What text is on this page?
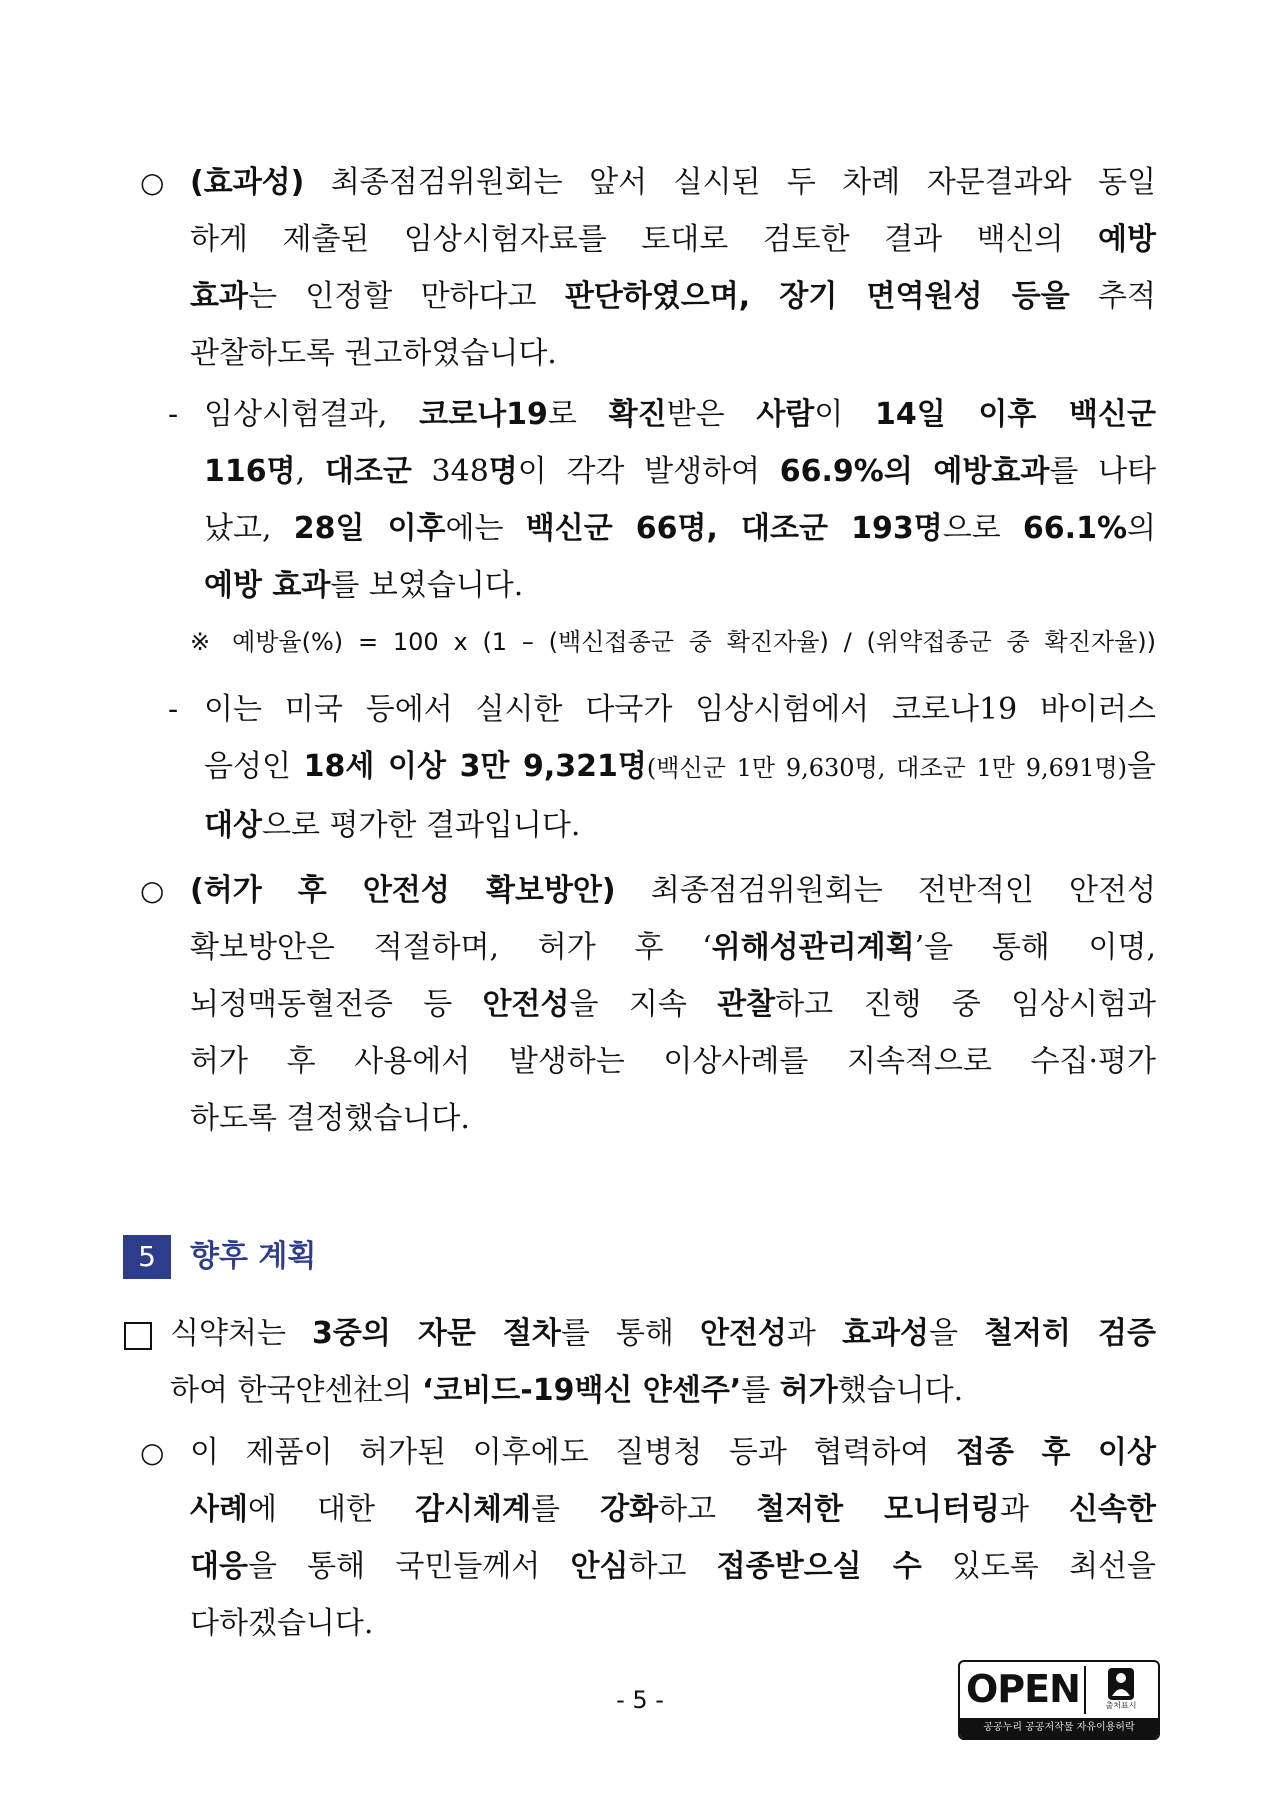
○ (효과성) 최종점검위원회는 앞서 실시된 두 차례 자문결과와 동일
하게 제출된 임상시험자료를 토대로 검토한 결과 백신의 예방
효과는 인정할 만하다고 판단하였으며, 장기 면역원성 등을 추적
관찰하도록 권고하였습니다.
- 임상시험결과, 코로나19로 확진받은 사람이 14일 이후 백신군
116명, 대조군 348명이 각각 발생하여 66.9%의 예방효과를 나타
났고, 28일 이후에는 백신군 66명, 대조군 193명으로 66.1%의
예방 효과를 보였습니다.
※ 예방율(%) = 100 x (1 – (백신접종군 중 확진자율) / (위약접종군 중 확진자율))
- 이는 미국 등에서 실시한 다국가 임상시험에서 코로나19 바이러스
음성인 18세 이상 3만 9,321명(백신군 1만 9,630명, 대조군 1만 9,691명)을
대상으로 평가한 결과입니다.
○ (허가 후 안전성 확보방안) 최종점검위원회는 전반적인 안전성
확보방안은 적절하며, 허가 후 ‘위해성관리계획’을 통해 이명,
뇌정맥동혈전증 등 안전성을 지속 관찰하고 진행 중 임상시험과
허가 후 사용에서 발생하는 이상사례를 지속적으로 수집·평가
하도록 결정했습니다.
5	향후 계획
식약처는 3중의 자문 절차를 통해 안전성과 효과성을 철저히 검증
하여 한국얀센社의 ‘코비드-19백신 얀센주’를 허가했습니다.
○ 이 제품이 허가된 이후에도 질병청 등과 협력하여 접종 후 이상
사례에 대한 감시체계를 강화하고 철저한 모니터링과 신속한
대응을 통해 국민들께서 안심하고 접종받으실 수 있도록 최선을
다하겠습니다.
- 5 -	OPEN	출처표시
공공누리 공공저작물 자유이용허락
